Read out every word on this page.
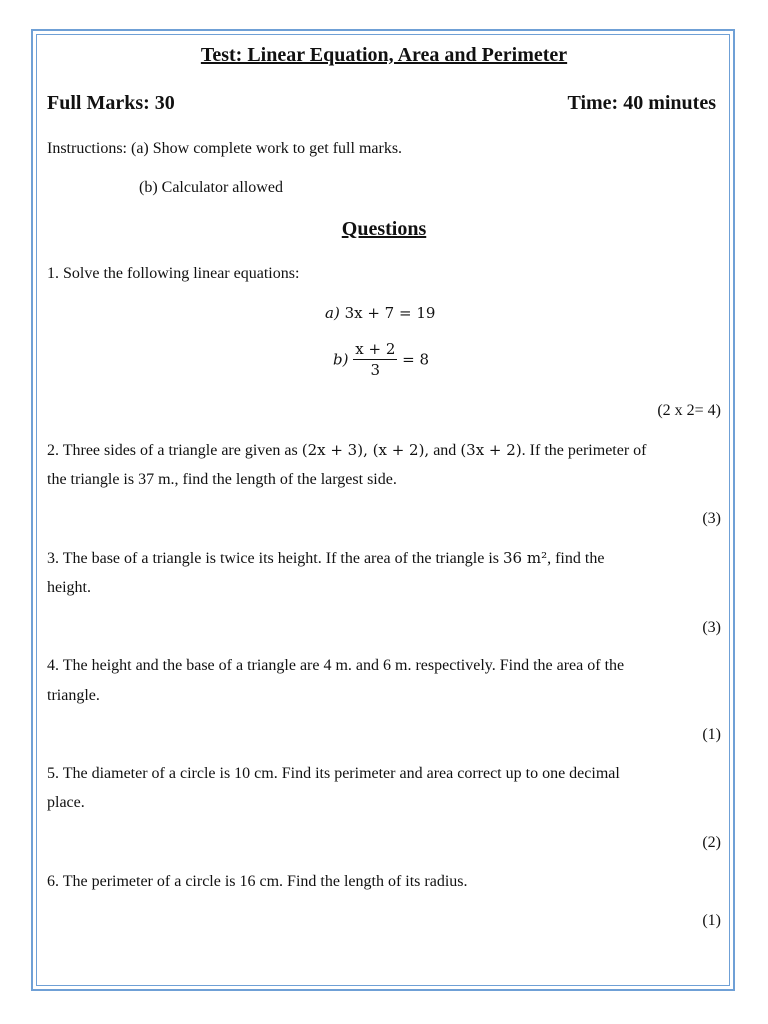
Test: Linear Equation, Area and Perimeter
Full Marks: 30	Time: 40 minutes
Instructions: (a) Show complete work to get full marks.
(b) Calculator allowed
Questions
1. Solve the following linear equations:
a) 3x + 7 = 19
$b) \frac{x + 2}{3} = 8$
(2 x 2= 4)
2. Three sides of a triangle are given as (2x + 3), (x + 2), and (3x + 2). If the perimeter of
the triangle is 37 m., find the length of the largest side.
(3)
3. The base of a triangle is twice its height. If the area of the triangle is 36 m², find the
height.
(3)
4. The height and the base of a triangle are 4 m. and 6 m. respectively. Find the area of the
triangle.
(1)
5. The diameter of a circle is 10 cm. Find its perimeter and area correct up to one decimal
place.
(2)
6. The perimeter of a circle is 16 cm. Find the length of its radius.
(1)
